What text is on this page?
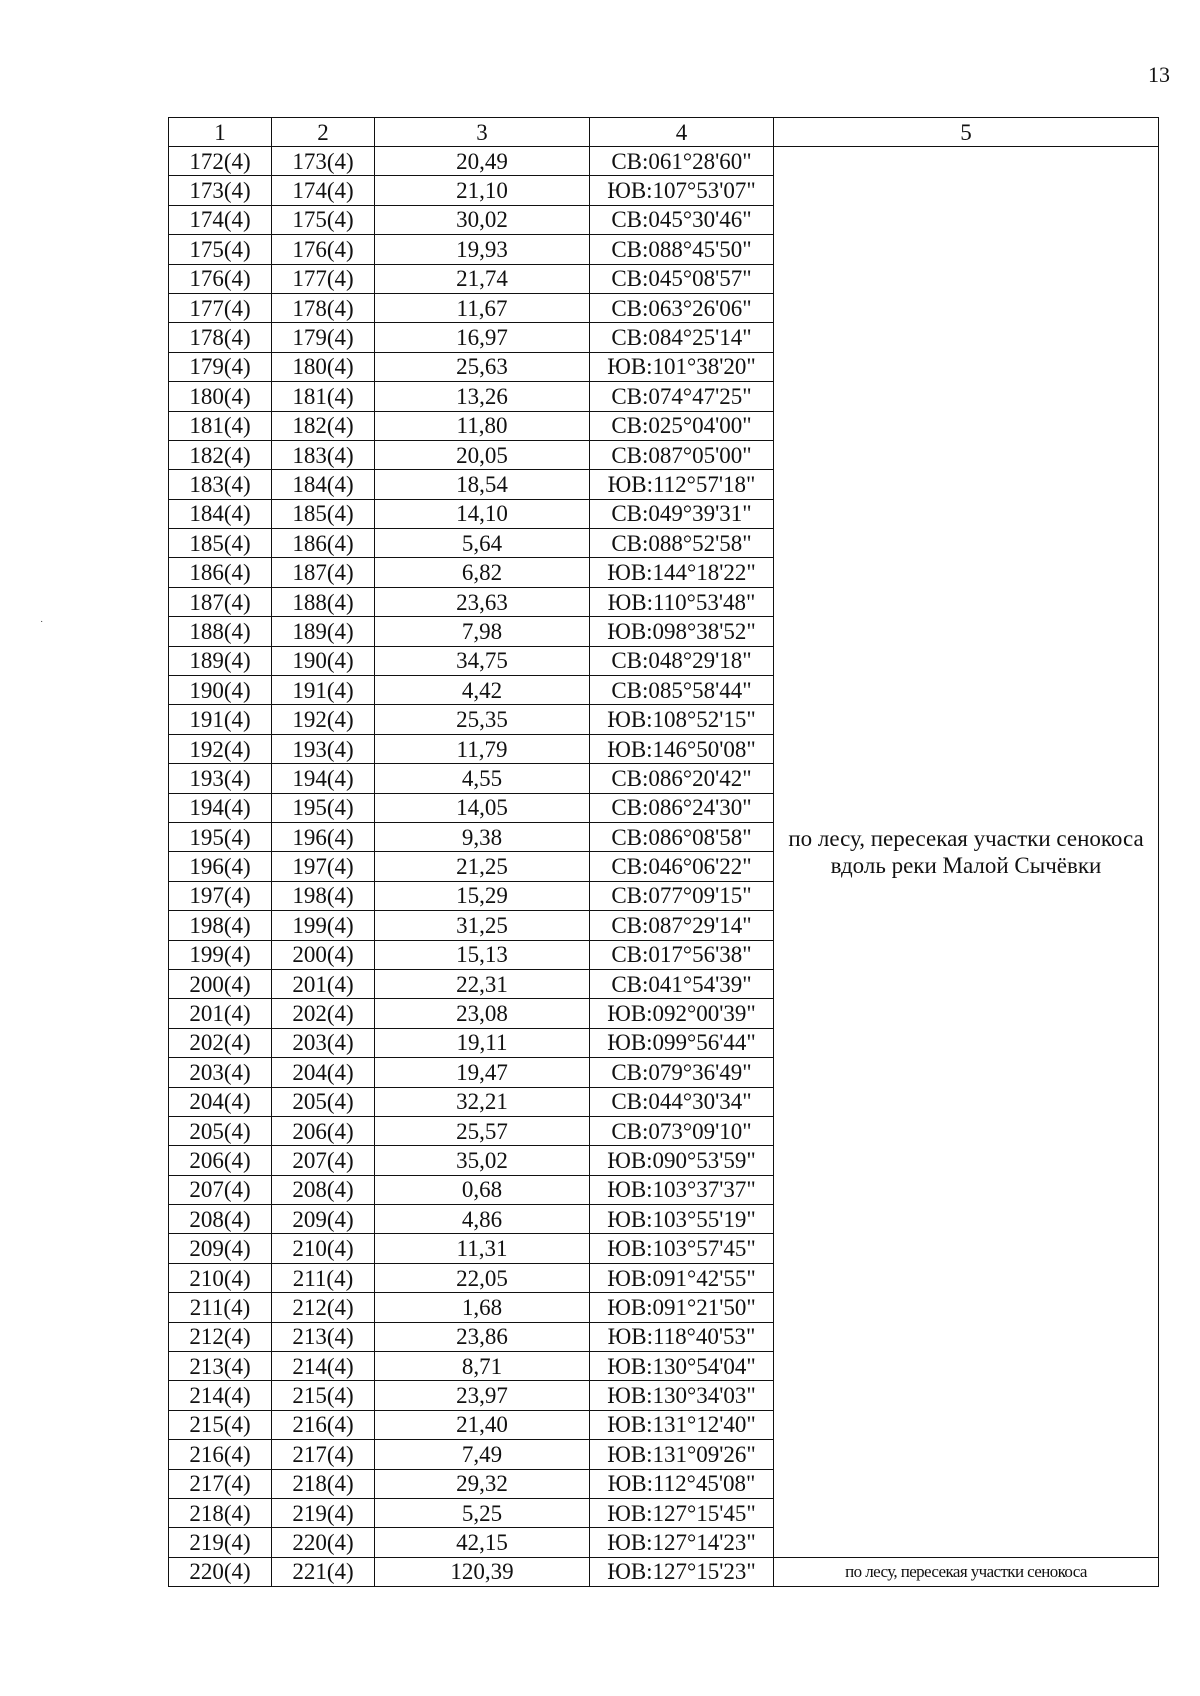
13
1	2	3	4	5
172(4)	173(4)	20,49	СВ:061°28'60"	по лесу, пересекая участки сенокоса вдоль реки Малой Сычёвки
173(4)	174(4)	21,10	ЮВ:107°53'07"	
174(4)	175(4)	30,02	СВ:045°30'46"	
175(4)	176(4)	19,93	СВ:088°45'50"	
176(4)	177(4)	21,74	СВ:045°08'57"	
177(4)	178(4)	11,67	СВ:063°26'06"	
178(4)	179(4)	16,97	СВ:084°25'14"	
179(4)	180(4)	25,63	ЮВ:101°38'20"	
180(4)	181(4)	13,26	СВ:074°47'25"	
181(4)	182(4)	11,80	СВ:025°04'00"	
182(4)	183(4)	20,05	СВ:087°05'00"	
183(4)	184(4)	18,54	ЮВ:112°57'18"	
184(4)	185(4)	14,10	СВ:049°39'31"	
185(4)	186(4)	5,64	СВ:088°52'58"	
186(4)	187(4)	6,82	ЮВ:144°18'22"	
187(4)	188(4)	23,63	ЮВ:110°53'48"	
188(4)	189(4)	7,98	ЮВ:098°38'52"	
189(4)	190(4)	34,75	СВ:048°29'18"	
190(4)	191(4)	4,42	СВ:085°58'44"	
191(4)	192(4)	25,35	ЮВ:108°52'15"	
192(4)	193(4)	11,79	ЮВ:146°50'08"	
193(4)	194(4)	4,55	СВ:086°20'42"	
194(4)	195(4)	14,05	СВ:086°24'30"	
195(4)	196(4)	9,38	СВ:086°08'58"	
196(4)	197(4)	21,25	СВ:046°06'22"	
197(4)	198(4)	15,29	СВ:077°09'15"	
198(4)	199(4)	31,25	СВ:087°29'14"	
199(4)	200(4)	15,13	СВ:017°56'38"	
200(4)	201(4)	22,31	СВ:041°54'39"	
201(4)	202(4)	23,08	ЮВ:092°00'39"	
202(4)	203(4)	19,11	ЮВ:099°56'44"	
203(4)	204(4)	19,47	СВ:079°36'49"	
204(4)	205(4)	32,21	СВ:044°30'34"	
205(4)	206(4)	25,57	СВ:073°09'10"	
206(4)	207(4)	35,02	ЮВ:090°53'59"	
207(4)	208(4)	0,68	ЮВ:103°37'37"	
208(4)	209(4)	4,86	ЮВ:103°55'19"	
209(4)	210(4)	11,31	ЮВ:103°57'45"	
210(4)	211(4)	22,05	ЮВ:091°42'55"	
211(4)	212(4)	1,68	ЮВ:091°21'50"	
212(4)	213(4)	23,86	ЮВ:118°40'53"	
213(4)	214(4)	8,71	ЮВ:130°54'04"	
214(4)	215(4)	23,97	ЮВ:130°34'03"	
215(4)	216(4)	21,40	ЮВ:131°12'40"	
216(4)	217(4)	7,49	ЮВ:131°09'26"	
217(4)	218(4)	29,32	ЮВ:112°45'08"	
218(4)	219(4)	5,25	ЮВ:127°15'45"	
219(4)	220(4)	42,15	ЮВ:127°14'23"	
220(4)	221(4)	120,39	ЮВ:127°15'23"	по лесу, пересекая участки сенокоса
˙
